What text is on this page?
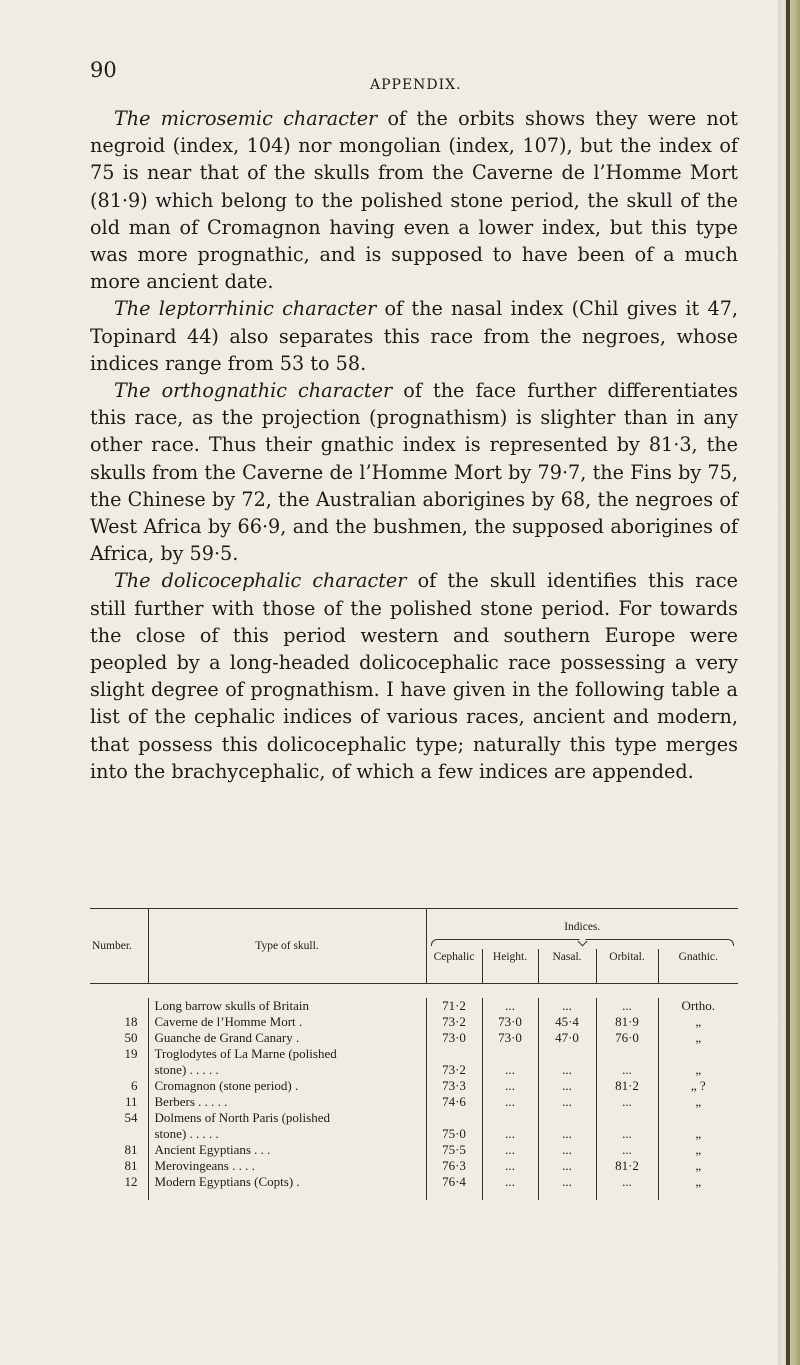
90
APPENDIX.

The microsemic character of the orbits shows they were not negroid (index, 104) nor mongolian (index, 107), but the index of 75 is near that of the skulls from the Caverne de l’Homme Mort (81·9) which belong to the polished stone period, the skull of the old man of Cromagnon having even a lower index, but this type was more prognathic, and is supposed to have been of a much more ancient date.

The leptorrhinic character of the nasal index (Chil gives it 47, Topinard 44) also separates this race from the negroes, whose indices range from 53 to 58.

The orthognathic character of the face further differentiates this race, as the projection (prognathism) is slighter than in any other race. Thus their gnathic index is represented by 81·3, the skulls from the Caverne de l’Homme Mort by 79·7, the Fins by 75, the Chinese by 72, the Australian aborigines by 68, the negroes of West Africa by 66·9, and the bushmen, the supposed aborigines of Africa, by 59·5.

The dolicocephalic character of the skull identifies this race still further with those of the polished stone period. For towards the close of this period western and southern Europe were peopled by a long-headed dolicocephalic race possessing a very slight degree of prognathism. I have given in the following table a list of the cephalic indices of various races, ancient and modern, that possess this dolicocephalic type; naturally this type merges into the brachycephalic, of which a few indices are appended.

Number.	Type of skull.	Indices.				

		Cephalic	Height.	Nasal.	Orbital.	Gnathic.

	Long barrow skulls of Britain	71·2	...	...	...	Ortho.
18	Caverne de l’Homme Mort .	73·2	73·0	45·4	81·9	„
50	Guanche de Grand Canary .	73·0	73·0	47·0	76·0	„
19	Troglodytes of La Marne (polished					
	stone) . . . . .	73·2	...	...	...	„
6	Cromagnon (stone period) .	73·3	...	...	81·2	„ ?
11	Berbers . . . . .	74·6	...	...	...	„
54	Dolmens of North Paris (polished					
	stone) . . . . .	75·0	...	...	...	„
81	Ancient Egyptians . . .	75·5	...	...	...	„
81	Merovingeans . . . .	76·3	...	...	81·2	„
12	Modern Egyptians (Copts) .	76·4	...	...	...	„
